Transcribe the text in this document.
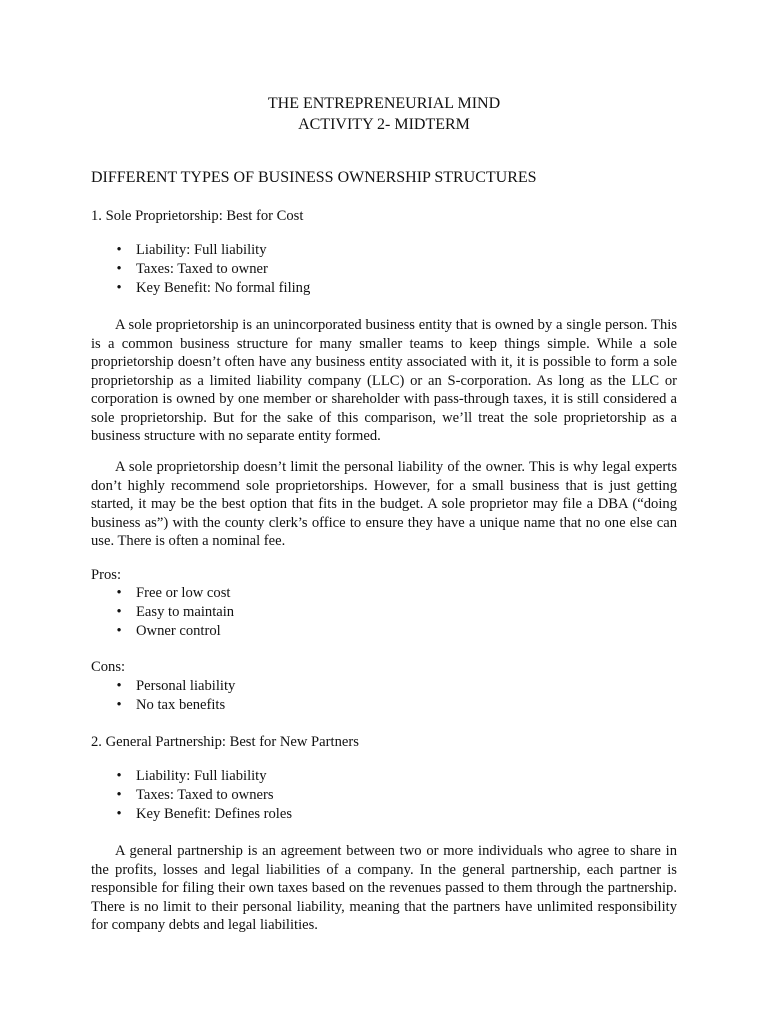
THE ENTREPRENEURIAL MIND
ACTIVITY 2- MIDTERM
DIFFERENT TYPES OF BUSINESS OWNERSHIP STRUCTURES
1. Sole Proprietorship: Best for Cost
• Liability: Full liability
• Taxes: Taxed to owner
• Key Benefit: No formal filing
A sole proprietorship is an unincorporated business entity that is owned by a single person. This is a common business structure for many smaller teams to keep things simple. While a sole proprietorship doesn’t often have any business entity associated with it, it is possible to form a sole proprietorship as a limited liability company (LLC) or an S-corporation. As long as the LLC or corporation is owned by one member or shareholder with pass-through taxes, it is still considered a sole proprietorship. But for the sake of this comparison, we’ll treat the sole proprietorship as a business structure with no separate entity formed.
A sole proprietorship doesn’t limit the personal liability of the owner. This is why legal experts don’t highly recommend sole proprietorships. However, for a small business that is just getting started, it may be the best option that fits in the budget. A sole proprietor may file a DBA (“doing business as”) with the county clerk’s office to ensure they have a unique name that no one else can use. There is often a nominal fee.
Pros:
• Free or low cost
• Easy to maintain
• Owner control
Cons:
• Personal liability
• No tax benefits
2. General Partnership: Best for New Partners
• Liability: Full liability
• Taxes: Taxed to owners
• Key Benefit: Defines roles
A general partnership is an agreement between two or more individuals who agree to share in the profits, losses and legal liabilities of a company. In the general partnership, each partner is responsible for filing their own taxes based on the revenues passed to them through the partnership. There is no limit to their personal liability, meaning that the partners have unlimited responsibility for company debts and legal liabilities.
